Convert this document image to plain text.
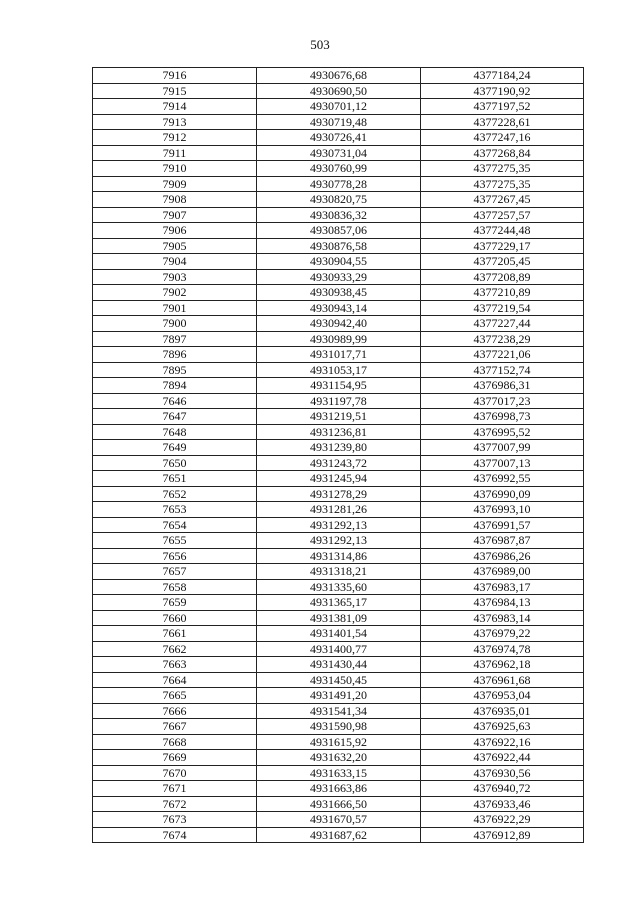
503
7916	4930676,68	4377184,24
7915	4930690,50	4377190,92
7914	4930701,12	4377197,52
7913	4930719,48	4377228,61
7912	4930726,41	4377247,16
7911	4930731,04	4377268,84
7910	4930760,99	4377275,35
7909	4930778,28	4377275,35
7908	4930820,75	4377267,45
7907	4930836,32	4377257,57
7906	4930857,06	4377244,48
7905	4930876,58	4377229,17
7904	4930904,55	4377205,45
7903	4930933,29	4377208,89
7902	4930938,45	4377210,89
7901	4930943,14	4377219,54
7900	4930942,40	4377227,44
7897	4930989,99	4377238,29
7896	4931017,71	4377221,06
7895	4931053,17	4377152,74
7894	4931154,95	4376986,31
7646	4931197,78	4377017,23
7647	4931219,51	4376998,73
7648	4931236,81	4376995,52
7649	4931239,80	4377007,99
7650	4931243,72	4377007,13
7651	4931245,94	4376992,55
7652	4931278,29	4376990,09
7653	4931281,26	4376993,10
7654	4931292,13	4376991,57
7655	4931292,13	4376987,87
7656	4931314,86	4376986,26
7657	4931318,21	4376989,00
7658	4931335,60	4376983,17
7659	4931365,17	4376984,13
7660	4931381,09	4376983,14
7661	4931401,54	4376979,22
7662	4931400,77	4376974,78
7663	4931430,44	4376962,18
7664	4931450,45	4376961,68
7665	4931491,20	4376953,04
7666	4931541,34	4376935,01
7667	4931590,98	4376925,63
7668	4931615,92	4376922,16
7669	4931632,20	4376922,44
7670	4931633,15	4376930,56
7671	4931663,86	4376940,72
7672	4931666,50	4376933,46
7673	4931670,57	4376922,29
7674	4931687,62	4376912,89
